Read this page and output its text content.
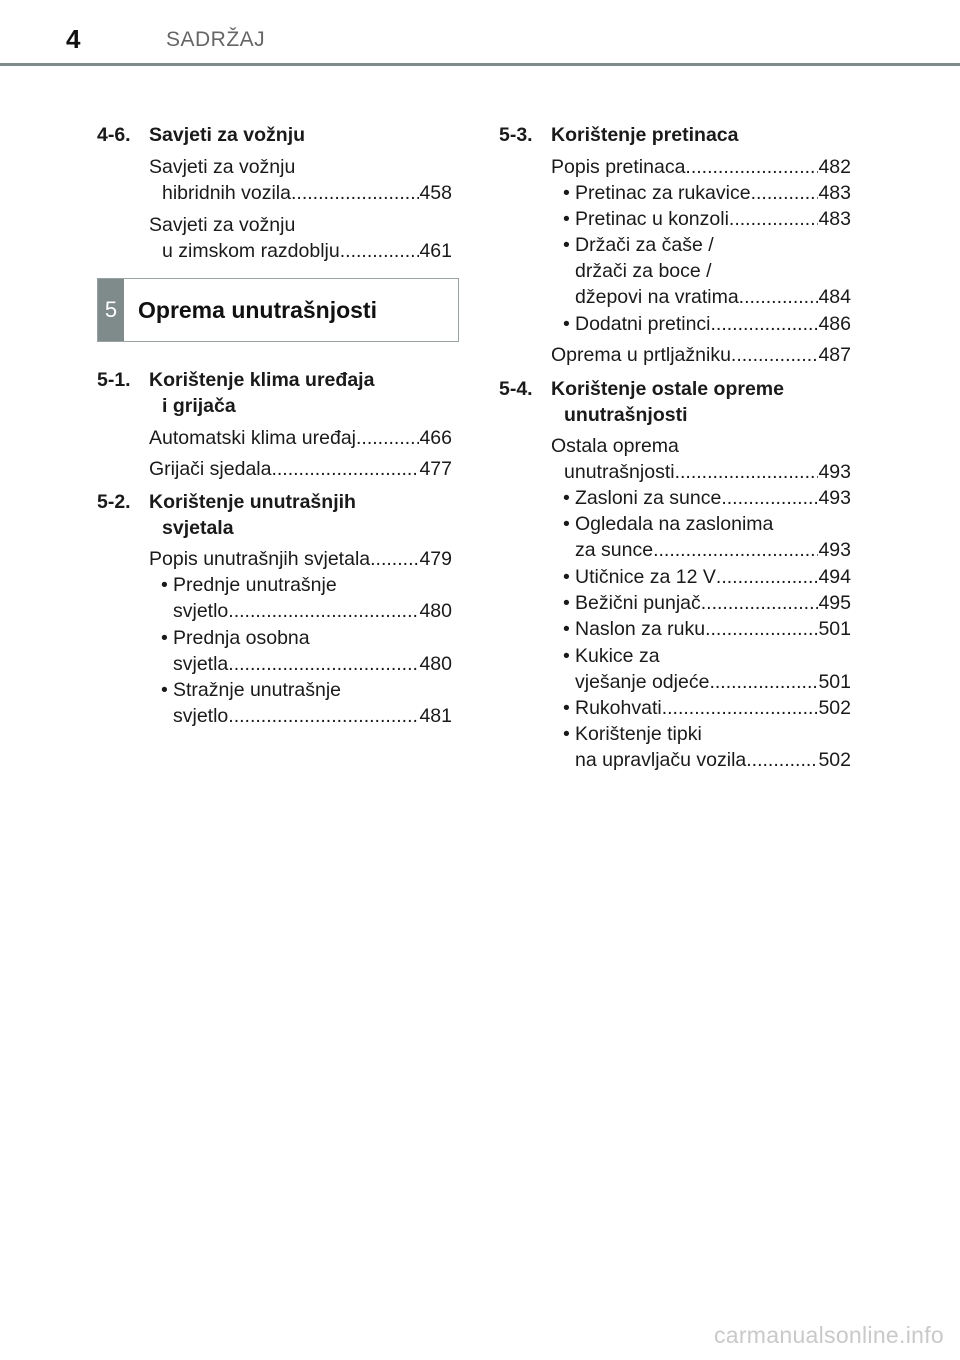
4	SADRŽAJ
4-6. Savjeti za vožnju
Savjeti za vožnju
hibridnih vozila .....	458
Savjeti za vožnju
u zimskom razdoblju .....	461
5-1. Korištenje klima uređaja
i grijača
Automatski klima uređaj .....	466
Grijači sjedala .....	477
5-2. Korištenje unutrašnjih
svjetala
Popis unutrašnjih svjetala .....	479
• Prednje unutrašnje
svjetlo .....	480
• Prednja osobna
svjetla .....	480
• Stražnje unutrašnje
svjetlo .....	481
5 Oprema unutrašnjosti
5-3. Korištenje pretinaca
Popis pretinaca .....	482
• Pretinac za rukavice .....	483
• Pretinac u konzoli .....	483
• Držači za čaše /
držači za boce /
džepovi na vratima .....	484
• Dodatni pretinci .....	486
Oprema u prtljažniku .....	487
5-4. Korištenje ostale opreme
unutrašnjosti
Ostala oprema
unutrašnjosti .....	493
• Zasloni za sunce .....	493
• Ogledala na zaslonima
za sunce .....	493
• Utičnice za 12 V .....	494
• Bežični punjač .....	495
• Naslon za ruku .....	501
• Kukice za
vješanje odjeće .....	501
• Rukohvati .....	502
• Korištenje tipki
na upravljaču vozila .....	502
carmanualsonline.info
